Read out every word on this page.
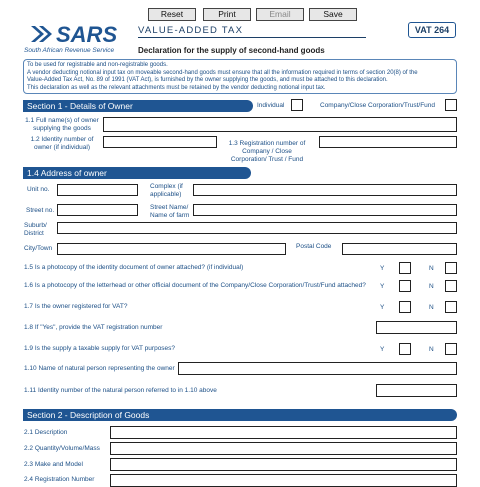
Reset	Print	Email	Save
SARS
South African Revenue Service
VALUE-ADDED TAX
Declaration for the supply of second-hand goods
VAT 264
To be used for registrable and non-registrable goods.
A vendor deducting notional input tax on moveable second-hand goods must ensure that all the information required in terms of section 20(8) of the
Value-Added Tax Act, No. 89 of 1991 (VAT Act), is furnished by the owner supplying the goods, and must be attached to this declaration.
This declaration as well as the relevant attachments must be retained by the vendor deducting notional input tax.
Section 1 - Details of Owner	Individual	Company/Close Corporation/Trust/Fund
1.1 Full name(s) of owner
supplying the goods
1.2 Identity number of
owner (if individual)
1.3 Registration number of
Company / Close
Corporation/ Trust / Fund
1.4 Address of owner
Unit no.	Complex (if
applicable)
Street no.	Street Name/
Name of farm
Suburb/
District
City/Town	Postal Code
1.5 Is a photocopy of the identity document of owner attached? (if individual)	Y	N
1.6 Is a photocopy of the letterhead or other official document of the Company/Close Corporation/Trust/Fund attached? Y	N
1.7 Is the owner registered for VAT?	Y	N
1.8 If "Yes", provide the VAT registration number
1.9 Is the supply a taxable supply for VAT purposes?	Y	N
1.10 Name of natural person representing the owner
1.11 Identity number of the natural person referred to in 1.10 above
Section 2 - Description of Goods
2.1 Description
2.2 Quantity/Volume/Mass
2.3 Make and Model
2.4 Registration Number
